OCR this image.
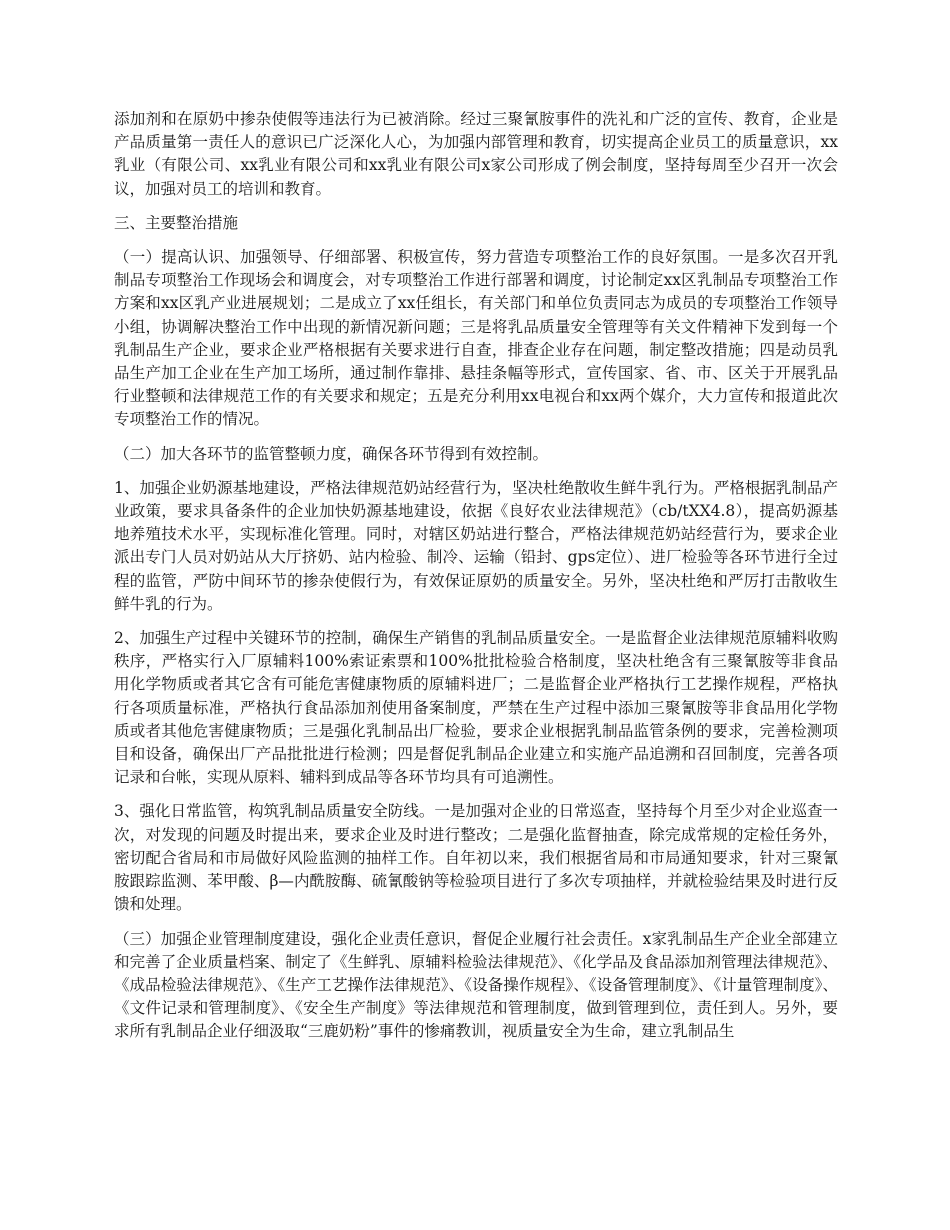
添加剂和在原奶中掺杂使假等违法行为已被消除。经过三聚氰胺事件的洗礼和广泛的宣传、教育，企业是产品质量第一责任人的意识已广泛深化人心，为加强内部管理和教育，切实提高企业员工的质量意识，xx乳业（有限公司、xx乳业有限公司和xx乳业有限公司x家公司形成了例会制度，坚持每周至少召开一次会议，加强对员工的培训和教育。

三、主要整治措施

（一）提高认识、加强领导、仔细部署、积极宣传，努力营造专项整治工作的良好氛围。一是多次召开乳制品专项整治工作现场会和调度会，对专项整治工作进行部署和调度，讨论制定xx区乳制品专项整治工作方案和xx区乳产业进展规划；二是成立了xx任组长，有关部门和单位负责同志为成员的专项整治工作领导小组，协调解决整治工作中出现的新情况新问题；三是将乳品质量安全管理等有关文件精神下发到每一个乳制品生产企业，要求企业严格根据有关要求进行自查，排查企业存在问题，制定整改措施；四是动员乳品生产加工企业在生产加工场所，通过制作靠排、悬挂条幅等形式，宣传国家、省、市、区关于开展乳品行业整顿和法律规范工作的有关要求和规定；五是充分利用xx电视台和xx两个媒介，大力宣传和报道此次专项整治工作的情况。

（二）加大各环节的监管整顿力度，确保各环节得到有效控制。

1、加强企业奶源基地建设，严格法律规范奶站经营行为，坚决杜绝散收生鲜牛乳行为。严格根据乳制品产业政策，要求具备条件的企业加快奶源基地建设，依据《良好农业法律规范》（cb/tXX4.8），提高奶源基地养殖技术水平，实现标准化管理。同时，对辖区奶站进行整合，严格法律规范奶站经营行为，要求企业派出专门人员对奶站从大厅挤奶、站内检验、制冷、运输（铅封、gps定位）、进厂检验等各环节进行全过程的监管，严防中间环节的掺杂使假行为，有效保证原奶的质量安全。另外，坚决杜绝和严厉打击散收生鲜牛乳的行为。

2、加强生产过程中关键环节的控制，确保生产销售的乳制品质量安全。一是监督企业法律规范原辅料收购秩序，严格实行入厂原辅料100%索证索票和100%批批检验合格制度，坚决杜绝含有三聚氰胺等非食品用化学物质或者其它含有可能危害健康物质的原辅料进厂；二是监督企业严格执行工艺操作规程，严格执行各项质量标准，严格执行食品添加剂使用备案制度，严禁在生产过程中添加三聚氰胺等非食品用化学物质或者其他危害健康物质；三是强化乳制品出厂检验，要求企业根据乳制品监管条例的要求，完善检测项目和设备，确保出厂产品批批进行检测；四是督促乳制品企业建立和实施产品追溯和召回制度，完善各项记录和台帐，实现从原料、辅料到成品等各环节均具有可追溯性。

3、强化日常监管，构筑乳制品质量安全防线。一是加强对企业的日常巡查，坚持每个月至少对企业巡查一次，对发现的问题及时提出来，要求企业及时进行整改；二是强化监督抽查，除完成常规的定检任务外，密切配合省局和市局做好风险监测的抽样工作。自年初以来，我们根据省局和市局通知要求，针对三聚氰胺跟踪监测、苯甲酸、β—内酰胺酶、硫氰酸钠等检验项目进行了多次专项抽样，并就检验结果及时进行反馈和处理。

（三）加强企业管理制度建设，强化企业责任意识，督促企业履行社会责任。x家乳制品生产企业全部建立和完善了企业质量档案、制定了《生鲜乳、原辅料检验法律规范》、《化学品及食品添加剂管理法律规范》、《成品检验法律规范》、《生产工艺操作法律规范》、《设备操作规程》、《设备管理制度》、《计量管理制度》、《文件记录和管理制度》、《安全生产制度》等法律规范和管理制度，做到管理到位，责任到人。另外，要求所有乳制品企业仔细汲取“三鹿奶粉”事件的惨痛教训，视质量安全为生命，建立乳制品生
